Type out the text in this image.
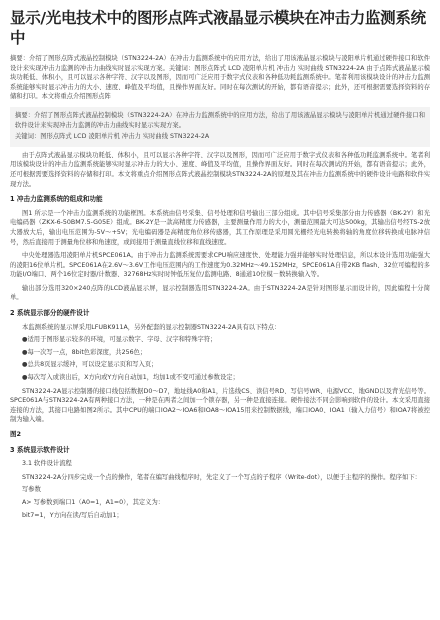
显示/光电技术中的图形点阵式液晶显示模块在冲击力监测系统中

摘要：介绍了图形点阵式液晶控制模块（STN3224-2A）在冲击力监测系统中的应用方法，给出了用该液晶显示模块与凌阳单片机通过硬件接口和软件设计来实现冲击力监测的冲击力曲线实时显示实现方案。关键词：图形点阵式 LCD 凌阳单片机 冲击力 实时曲线 STN3224-2A 由于点阵式液晶显示模块功耗低、体积小，且可以显示各种字符、汉字以及图形，因而可广泛应用于数字式仪表和各种低功耗监测系统中。笔者利用该模块设计的冲击力监测系统能够实时显示冲击力的大小、速度、峰值及平均值，且操作界面友好。同时在每次测试的开始，都有语音提示；此外，还可根据需要选择资料的存储和打印。本文将重点介绍图形点阵

摘要：介绍了图形点阵式液晶控制模块（STN3224-2A）在冲击力监测系统中的应用方法，给出了用该液晶显示模块与凌阳单片机通过硬件接口和软件设计来实现冲击力监测的冲击力曲线实时显示实现方案。

关键词：图形点阵式 LCD 凌阳单片机 冲击力 实时曲线 STN3224-2A

由于点阵式液晶显示模块功耗低、体积小，且可以显示各种字符、汉字以及图形，因而可广泛应用于数字式仪表和各种低功耗监测系统中。笔者利用该模块设计的冲击力监测系统能够实时显示冲击力的大小、速度、峰值及平均值，且操作界面友好。同时在每次测试的开始，都有语音提示；此外，还可根据需要选择资料的存储和打印。本文将重点介绍图形点阵式液晶控制模块STN3224-2A的原理及其在冲击力监测系统中的硬件设计电路和软件实现方法。

1 冲击力监测系统的组成和功能

图1 所示是一个冲击力监测系统的功能框图。本系统由信号采集、信号处理和信号输出三部分组成。其中信号采集部分由力传感器（BK-2Y）和光电编码器（ZKX-6-50BM7.5-G05E）组成。BK-2Y是一款高精度力传感器，主要测量作用力的大小，测量范围最大可达500kg，其输出信号经TS-2放大器放大后，输出电压范围为-5V～+5V；光电编码器是高精度角位移传感器，其工作原理是采用圆光栅经光电转换将轴的角度位移转换成电脉冲信号，然后直接用于测量角位移和角速度，或间接用于测量直线位移和直线速度。

中央处理器选用凌阳单片机SPCE061A。由于冲击力监测系统需要求CPU响应速度快、处理能力强并能够实时处理信息，所以本设计选用功能强大的凌阳16位单片机。SPCE061A在2.6V～3.6V工作电压范围内的工作速度为0.32MHz～49.152MHz，SPCE061A自带2KB flash、32位可编程的多功能I/O端口、两个16位定时器/计数器、32768Hz实时时钟低压复位/监测电路、8通道10位模－数转换输入等。

输出部分选用320×240点阵的LCD液晶显示屏，显示控制器选用STN3224-2A。由于STN3224-2A是针对图形显示而设计的，因此编程十分简单。

2 系统显示部分的硬件设计

本监测系统的显示屏采用LFUBK911A，另外配套的显示控制器STN3224-2A具有以下特点：

●适用于图形显示较多的环境，可显示数字、字母、汉字和特殊字符；

●每一次写一点，8bit色彩深度，共256色；

●总共8页显示缓冲，可以设定显示页和写入页；

●每次写入或读出后，X方向或Y方向自动加1，均加1或不变可通过参数设定；

STN3224-2A显示控制器的接口线包括数据D0～D7，地址线A0和A1，片选线CS、读信号RD、写信号WR、电源VCC、地GND以及背光信号等。SPCE061A与STN3224-2A有两种接口方法，一种是在两者之间加一个锁存器，另一种是直接连接。硬件接法不同会影响到软件的设计。本文采用直接连接的方法，其接口电路如图2所示。其中CPU的端口IOA2～IOA6和IOA8～IOA15用来控制数据线，端口IOA0、IOA1（输入力信号）和IOA7将被控制为输入端。

图2
3 系统显示软件设计
3.1 软件设计流程

STN3224-2A分四步完成一个点的操作，笔者在编写曲线程序时，先定义了一个写点的子程序（Write-dot），以便于主程序的操作。程序如下：

写参数

A> 写参数到端口1（A0=1，A1=0），其定义为：

bit7=1，Y方向在读/写后自动加1；
